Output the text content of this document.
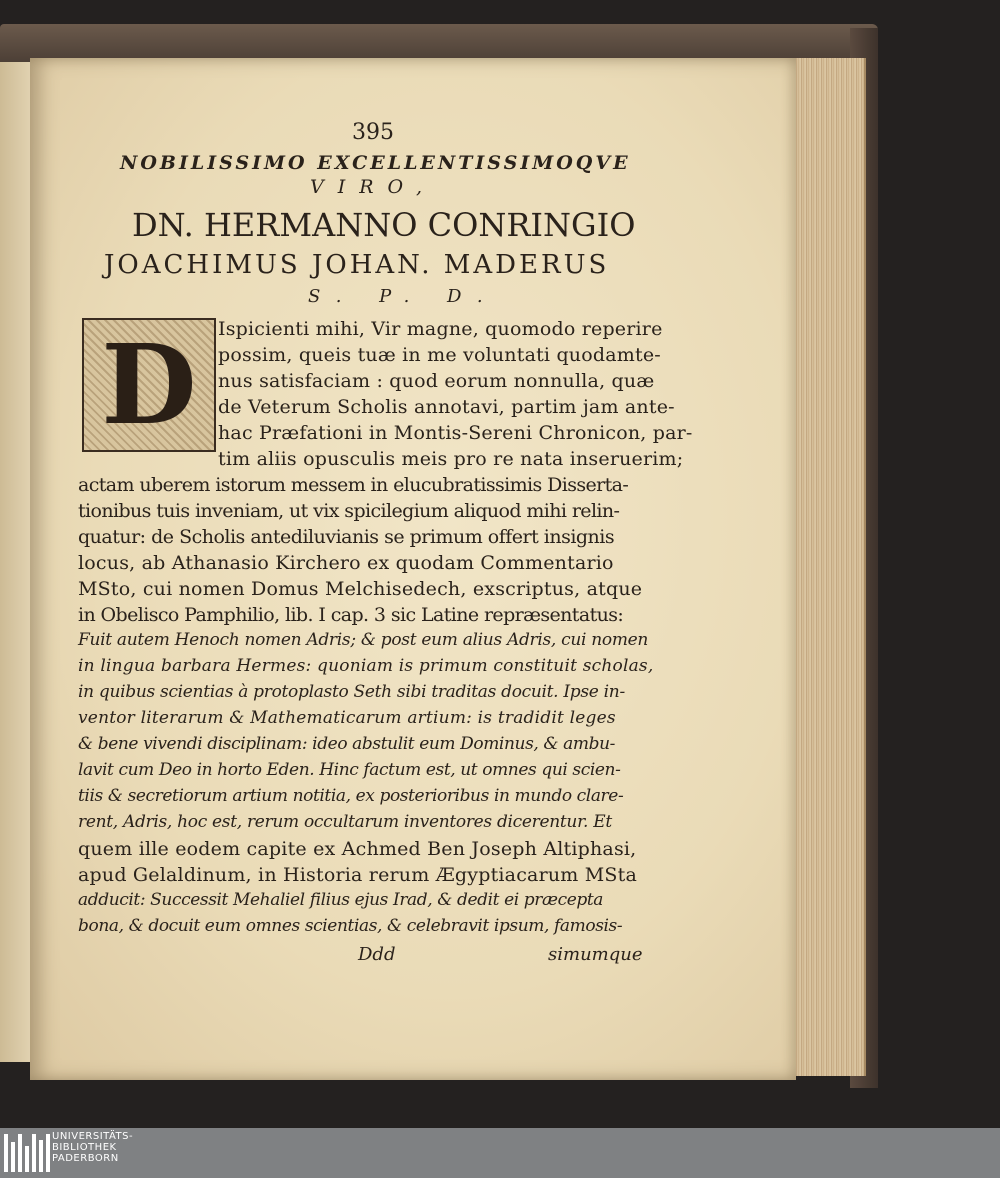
395
NOBILISSIMO EXCELLENTISSIMOQVE
VIRO,
DN. HERMANNO CONRINGIO
JOACHIMUS JOHAN. MADERUS
S. P. D.
D Ispicienti mihi, Vir magne, quomodo reperire
possim, queis tuæ in me voluntati quodamte-
nus satisfaciam : quod eorum nonnulla, quæ
de Veterum Scholis annotavi, partim jam ante-
hac Præfationi in Montis-Sereni Chronicon, par-
tim aliis opusculis meis pro re nata inseruerim;
actam uberem istorum messem in elucubratissimis Disserta-
tionibus tuis inveniam, ut vix spicilegium aliquod mihi relin-
quatur: de Scholis antediluvianis se primum offert insignis
locus, ab Athanasio Kirchero ex quodam Commentario
MSto, cui nomen Domus Melchisedech, exscriptus, atque
in Obelisco Pamphilio, lib. I cap. 3 sic Latine repræsentatus:
Fuit autem Henoch nomen Adris; & post eum alius Adris, cui nomen
in lingua barbara Hermes: quoniam is primum constituit scholas,
in quibus scientias à protoplasto Seth sibi traditas docuit. Ipse in-
ventor literarum & Mathematicarum artium: is tradidit leges
& bene vivendi disciplinam: ideo abstulit eum Dominus, & ambu-
lavit cum Deo in horto Eden. Hinc factum est, ut omnes qui scien-
tiis & secretiorum artium notitia, ex posterioribus in mundo clare-
rent, Adris, hoc est, rerum occultarum inventores dicerentur. Et
quem ille eodem capite ex Achmed Ben Joseph Altiphasi,
apud Gelaldinum, in Historia rerum Ægyptiacarum MSta
adducit: Successit Mehaliel filius ejus Irad, & dedit ei præcepta
bona, & docuit eum omnes scientias, & celebravit ipsum, famosis-
Ddd	simumque
UNIVERSITÄTS-
BIBLIOTHEK
PADERBORN
